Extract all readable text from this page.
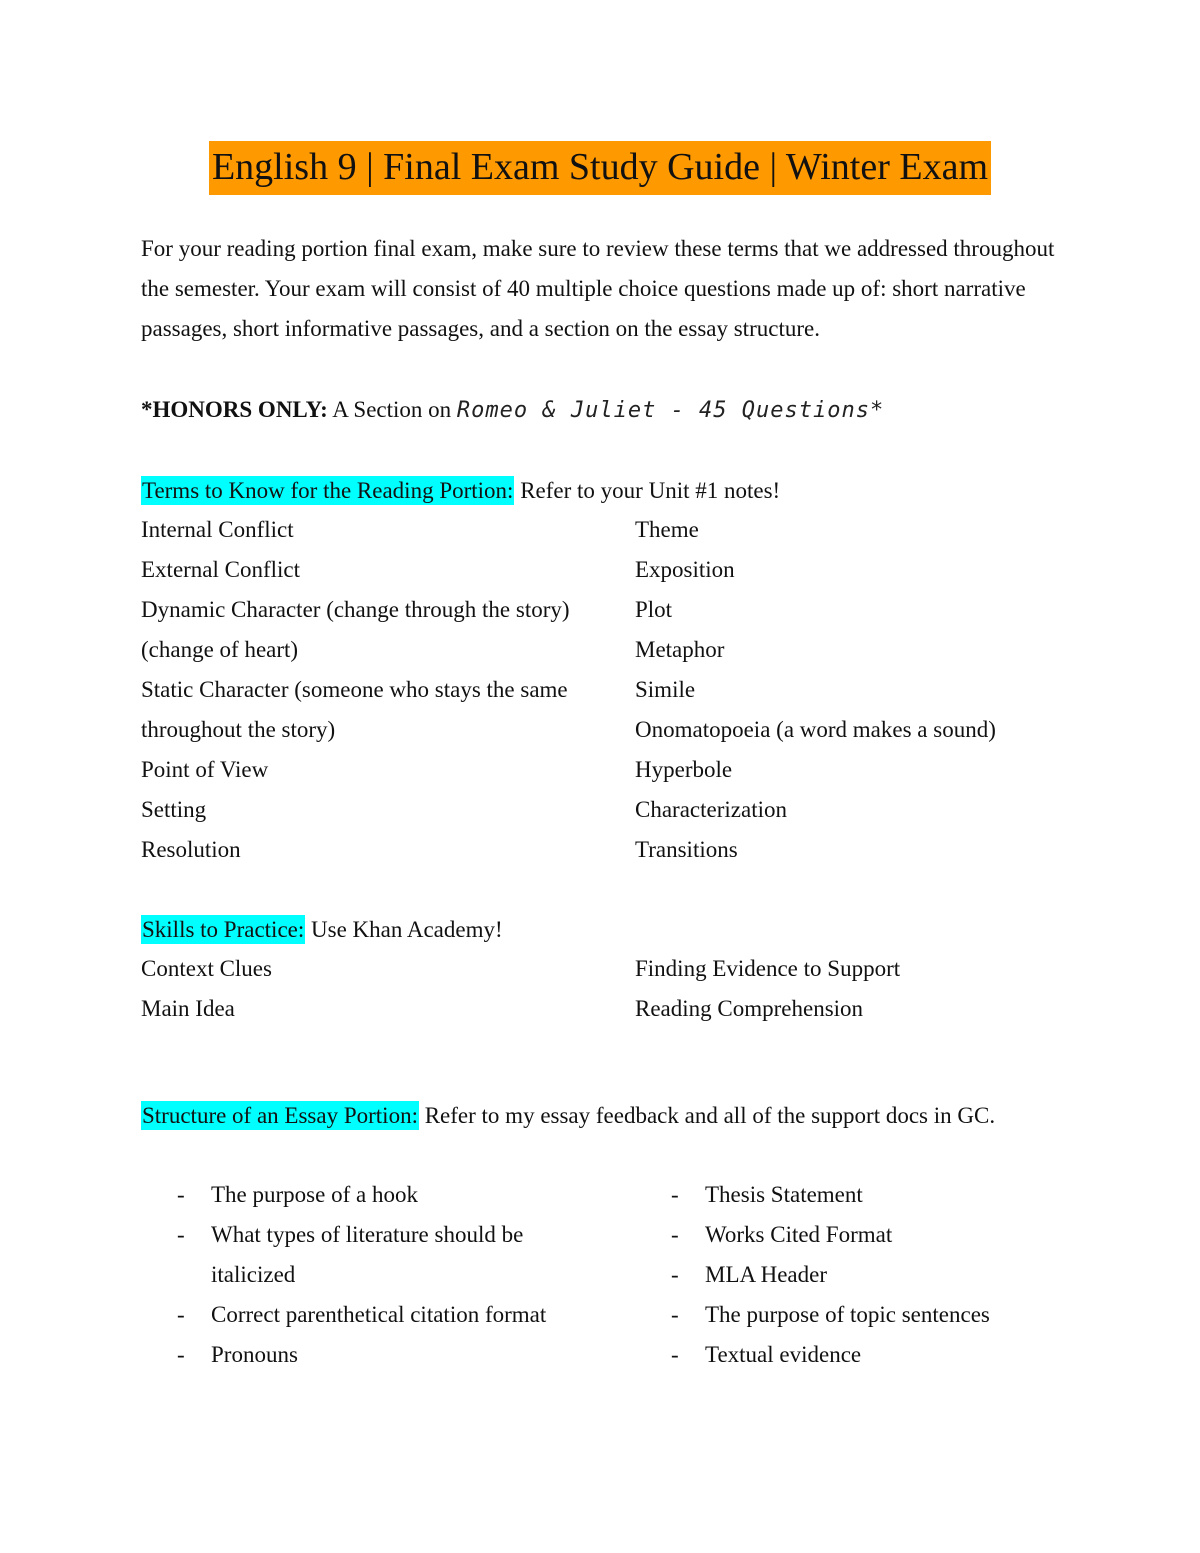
English 9 | Final Exam Study Guide | Winter Exam

For your reading portion final exam, make sure to review these terms that we addressed throughout the semester. Your exam will consist of 40 multiple choice questions made up of: short narrative passages, short informative passages, and a section on the essay structure.

*HONORS ONLY: A Section on Romeo & Juliet - 45 Questions*

Terms to Know for the Reading Portion: Refer to your Unit #1 notes!
Internal Conflict
External Conflict
Dynamic Character (change through the story) (change of heart)
Static Character (someone who stays the same throughout the story)
Point of View
Setting
Resolution
Theme
Exposition
Plot
Metaphor
Simile
Onomatopoeia (a word makes a sound)
Hyperbole
Characterization
Transitions
Skills to Practice: Use Khan Academy!
Context Clues
Main Idea
Finding Evidence to Support
Reading Comprehension
Structure of an Essay Portion: Refer to my essay feedback and all of the support docs in GC.
- The purpose of a hook
- What types of literature should be italicized
- Correct parenthetical citation format
- Pronouns
- Thesis Statement
- Works Cited Format
- MLA Header
- The purpose of topic sentences
- Textual evidence
